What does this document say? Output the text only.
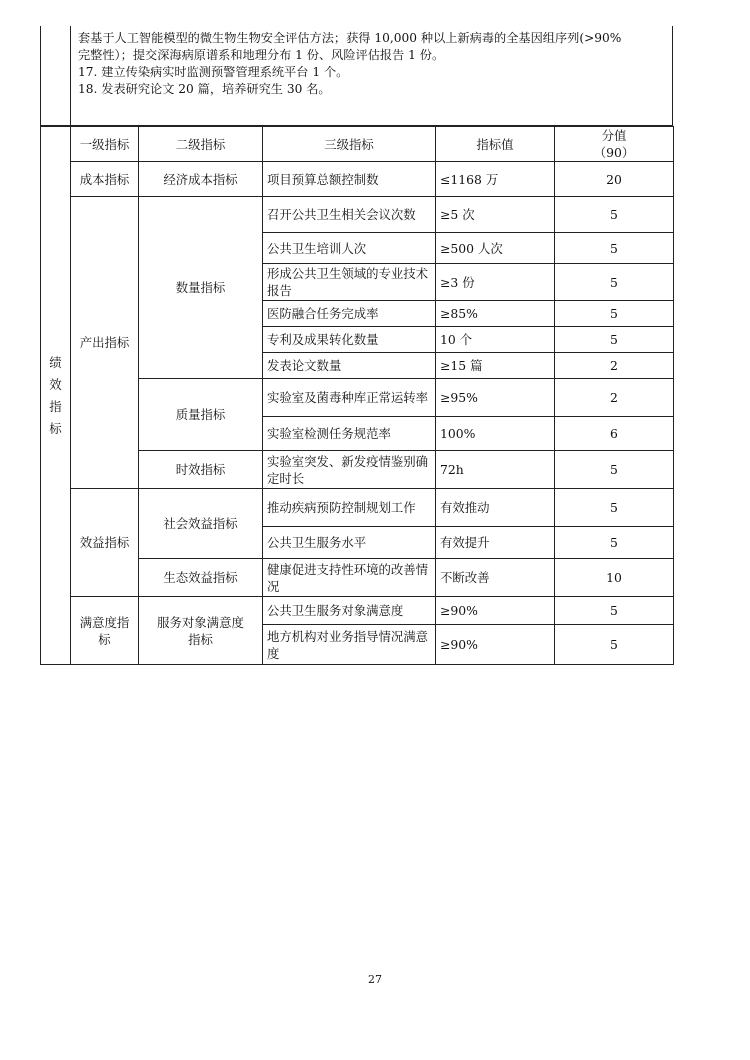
套基于人工智能模型的微生物生物安全评估方法；获得 10,000 种以上新病毒的全基因组序列(>90%

完整性）；提交深海病原谱系和地理分布 1 份、风险评估报告 1 份。

17. 建立传染病实时监测预警管理系统平台 1 个。

18. 发表研究论文 20 篇，培养研究生 30 名。

绩效指标	一级指标	二级指标	三级指标	指标值	分值
（90）
	成本指标	经济成本指标	项目预算总额控制数	≤1168 万	20
	产出指标	数量指标	召开公共卫生相关会议次数	≥5 次	5
			公共卫生培训人次	≥500 人次	5
			形成公共卫生领域的专业技术报告	≥3 份	5
			医防融合任务完成率	≥85%	5
			专利及成果转化数量	10 个	5
			发表论文数量	≥15 篇	2
		质量指标	实验室及菌毒种库正常运转率	≥95%	2
			实验室检测任务规范率	100%	6
		时效指标	实验室突发、新发疫情鉴别确定时长	72h	5
	效益指标	社会效益指标	推动疾病预防控制规划工作	有效推动	5
			公共卫生服务水平	有效提升	5
		生态效益指标	健康促进支持性环境的改善情况	不断改善	10
	满意度指标	服务对象满意度指标	公共卫生服务对象满意度	≥90%	5
			地方机构对业务指导情况满意度	≥90%	5
27
